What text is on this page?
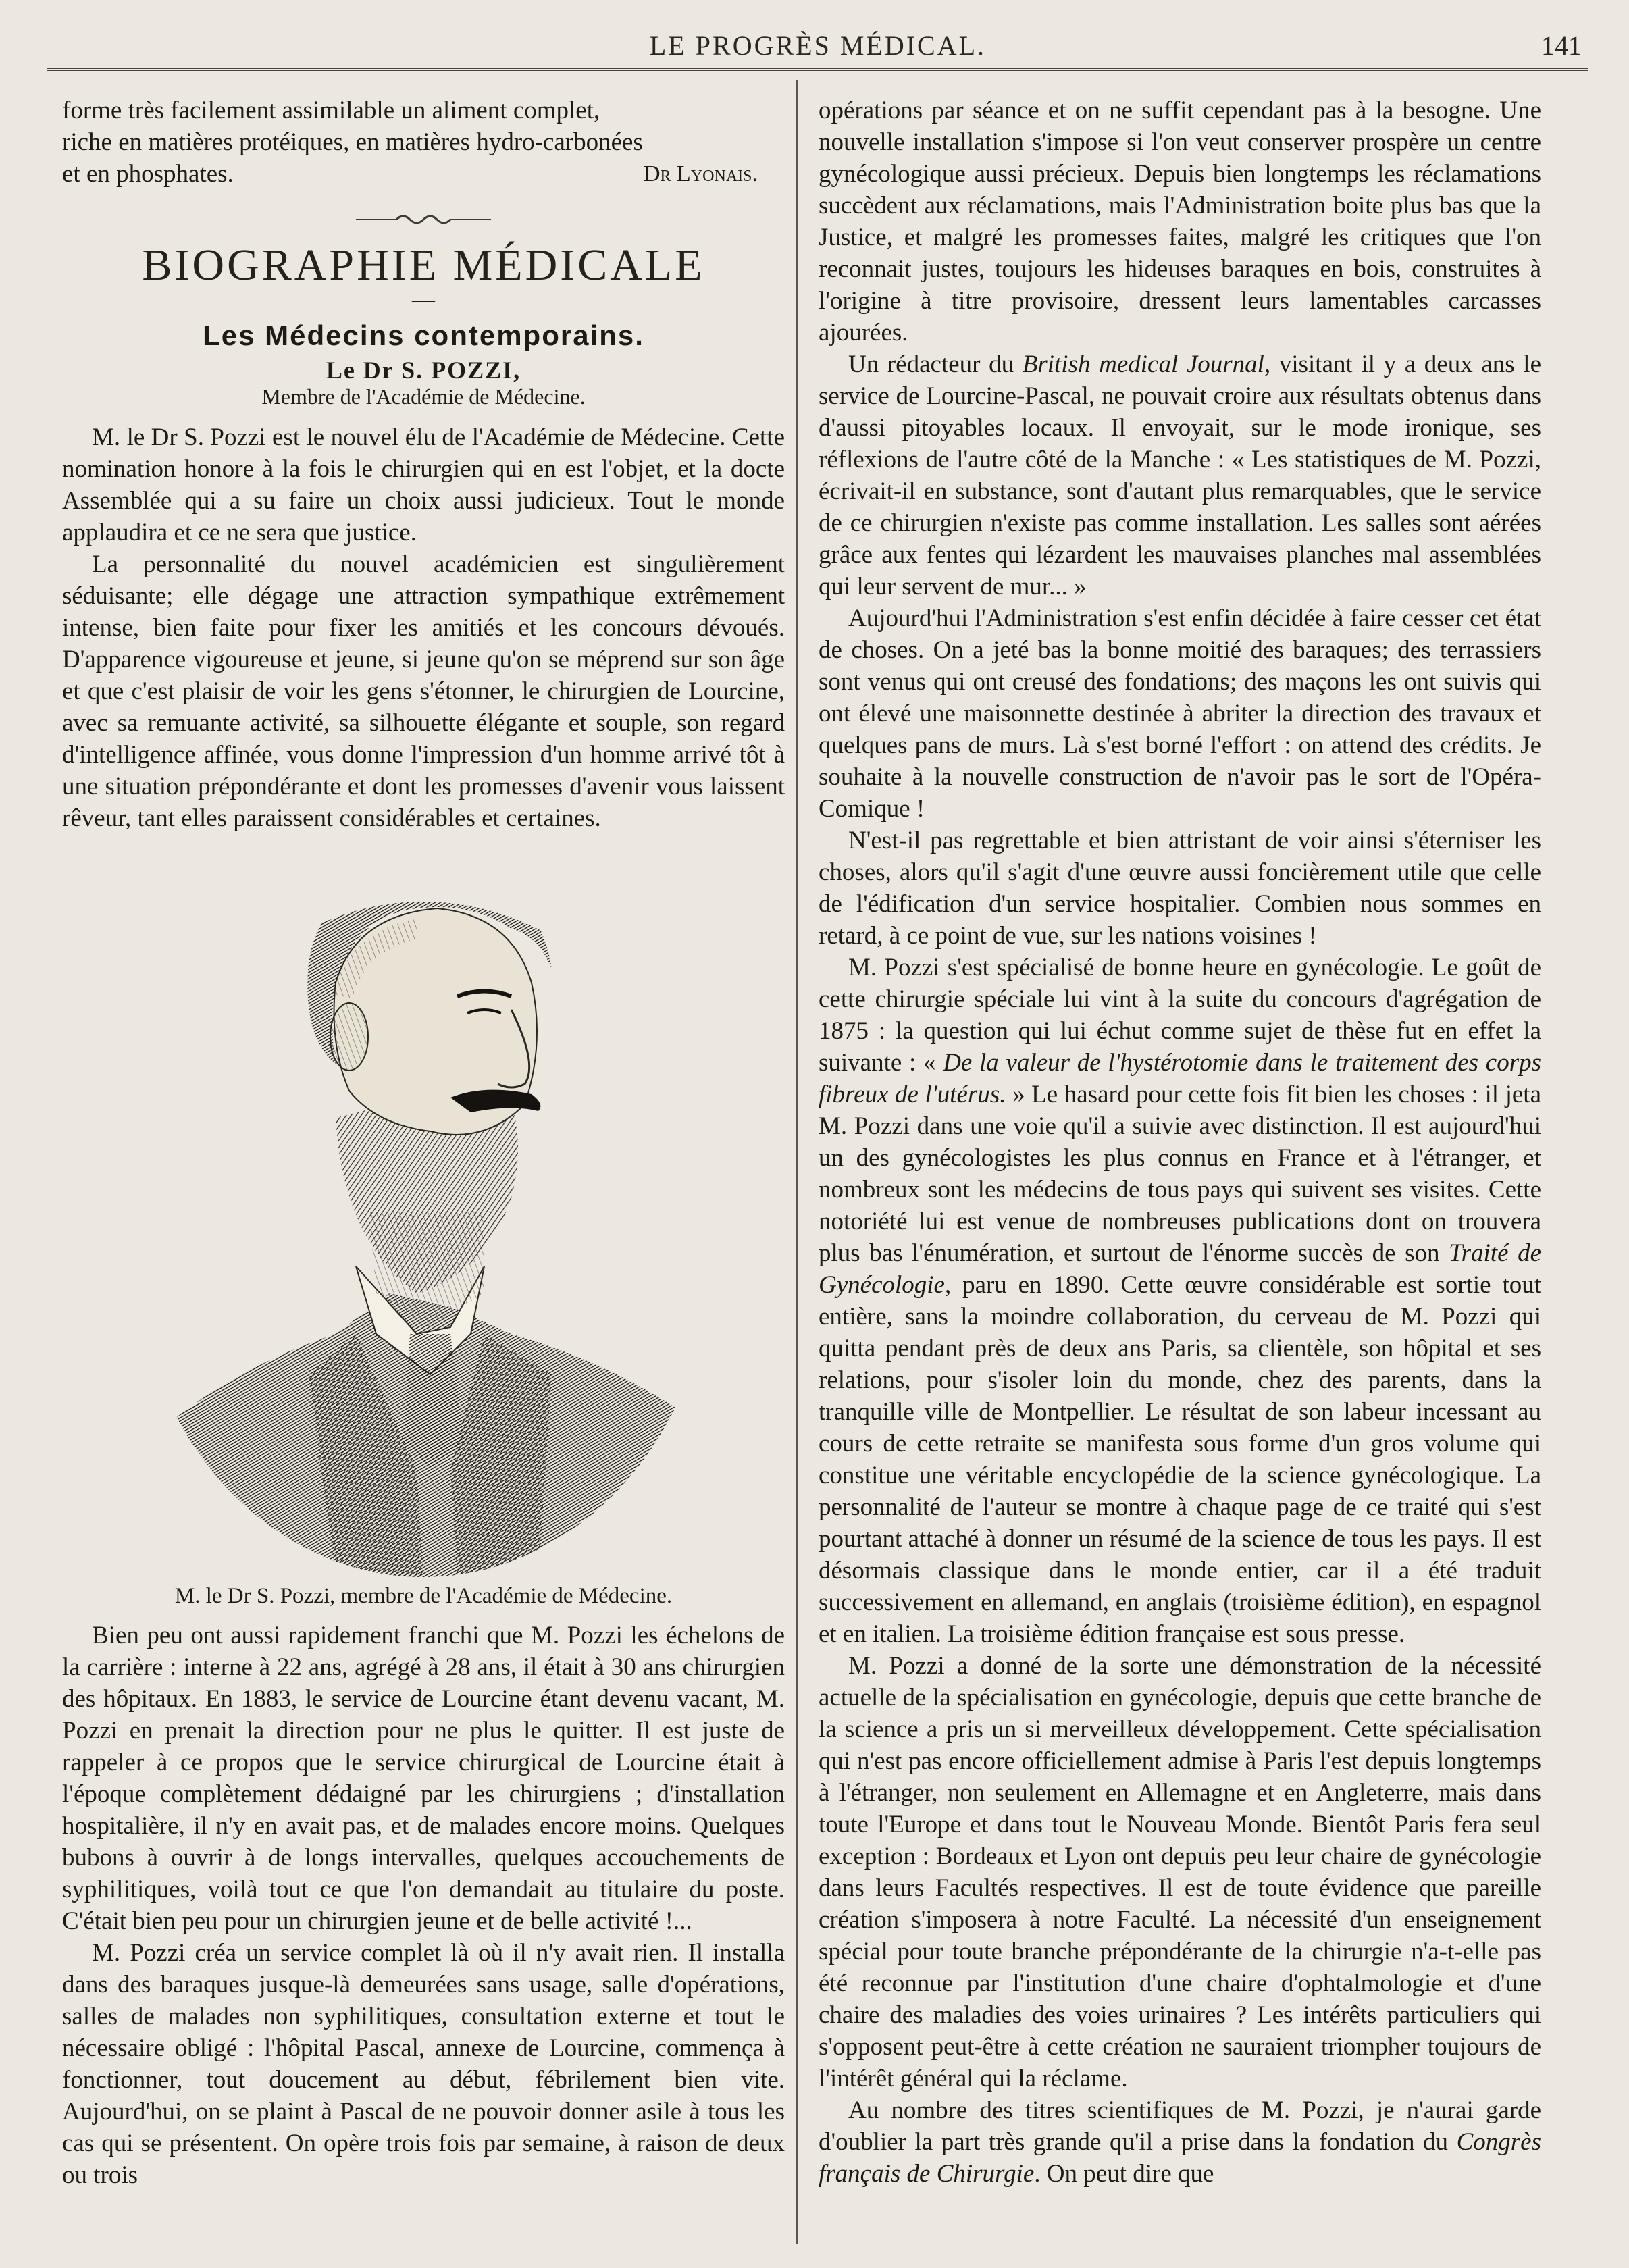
LE PROGRÈS MÉDICAL.	141

forme très facilement assimilable un aliment complet,

riche en matières protéiques, en matières hydro-carbonées

et en phosphates.	Dr Lyonais.
BIOGRAPHIE MÉDICALE
—
Les Médecins contemporains.
Le Dr S. POZZI,
Membre de l'Académie de Médecine.

M. le Dr S. Pozzi est le nouvel élu de l'Académie de Médecine. Cette nomination honore à la fois le chirurgien qui en est l'objet, et la docte Assemblée qui a su faire un choix aussi judicieux. Tout le monde applaudira et ce ne sera que justice.

La personnalité du nouvel académicien est singulièrement séduisante; elle dégage une attraction sympathique extrêmement intense, bien faite pour fixer les amitiés et les concours dévoués. D'apparence vigoureuse et jeune, si jeune qu'on se méprend sur son âge et que c'est plaisir de voir les gens s'étonner, le chirurgien de Lourcine, avec sa remuante activité, sa silhouette élégante et souple, son regard d'intelligence affinée, vous donne l'impression d'un homme arrivé tôt à une situation prépondérante et dont les promesses d'avenir vous laissent rêveur, tant elles paraissent considérables et certaines.

M. le Dr S. Pozzi, membre de l'Académie de Médecine.

Bien peu ont aussi rapidement franchi que M. Pozzi les échelons de la carrière : interne à 22 ans, agrégé à 28 ans, il était à 30 ans chirurgien des hôpitaux. En 1883, le service de Lourcine étant devenu vacant, M. Pozzi en prenait la direction pour ne plus le quitter. Il est juste de rappeler à ce propos que le service chirurgical de Lourcine était à l'époque complètement dédaigné par les chirurgiens ; d'installation hospitalière, il n'y en avait pas, et de malades encore moins. Quelques bubons à ouvrir à de longs intervalles, quelques accouchements de syphilitiques, voilà tout ce que l'on demandait au titulaire du poste. C'était bien peu pour un chirurgien jeune et de belle activité !...

M. Pozzi créa un service complet là où il n'y avait rien. Il installa dans des baraques jusque-là demeurées sans usage, salle d'opérations, salles de malades non syphilitiques, consultation externe et tout le nécessaire obligé : l'hôpital Pascal, annexe de Lourcine, commença à fonctionner, tout doucement au début, fébrilement bien vite. Aujourd'hui, on se plaint à Pascal de ne pouvoir donner asile à tous les cas qui se présentent. On opère trois fois par semaine, à raison de deux ou trois

opérations par séance et on ne suffit cependant pas à la besogne. Une nouvelle installation s'impose si l'on veut conserver prospère un centre gynécologique aussi précieux. Depuis bien longtemps les réclamations succèdent aux réclamations, mais l'Administration boite plus bas que la Justice, et malgré les promesses faites, malgré les critiques que l'on reconnait justes, toujours les hideuses baraques en bois, construites à l'origine à titre provisoire, dressent leurs lamentables carcasses ajourées.

Un rédacteur du British medical Journal, visitant il y a deux ans le service de Lourcine-Pascal, ne pouvait croire aux résultats obtenus dans d'aussi pitoyables locaux. Il envoyait, sur le mode ironique, ses réflexions de l'autre côté de la Manche : « Les statistiques de M. Pozzi, écrivait-il en substance, sont d'autant plus remarquables, que le service de ce chirurgien n'existe pas comme installation. Les salles sont aérées grâce aux fentes qui lézardent les mauvaises planches mal assemblées qui leur servent de mur... »

Aujourd'hui l'Administration s'est enfin décidée à faire cesser cet état de choses. On a jeté bas la bonne moitié des baraques; des terrassiers sont venus qui ont creusé des fondations; des maçons les ont suivis qui ont élevé une maisonnette destinée à abriter la direction des travaux et quelques pans de murs. Là s'est borné l'effort : on attend des crédits. Je souhaite à la nouvelle construction de n'avoir pas le sort de l'Opéra-Comique !

N'est-il pas regrettable et bien attristant de voir ainsi s'éterniser les choses, alors qu'il s'agit d'une œuvre aussi foncièrement utile que celle de l'édification d'un service hospitalier. Combien nous sommes en retard, à ce point de vue, sur les nations voisines !

M. Pozzi s'est spécialisé de bonne heure en gynécologie. Le goût de cette chirurgie spéciale lui vint à la suite du concours d'agrégation de 1875 : la question qui lui échut comme sujet de thèse fut en effet la suivante : « De la valeur de l'hystérotomie dans le traitement des corps fibreux de l'utérus. » Le hasard pour cette fois fit bien les choses : il jeta M. Pozzi dans une voie qu'il a suivie avec distinction. Il est aujourd'hui un des gynécologistes les plus connus en France et à l'étranger, et nombreux sont les médecins de tous pays qui suivent ses visites. Cette notoriété lui est venue de nombreuses publications dont on trouvera plus bas l'énumération, et surtout de l'énorme succès de son Traité de Gynécologie, paru en 1890. Cette œuvre considérable est sortie tout entière, sans la moindre collaboration, du cerveau de M. Pozzi qui quitta pendant près de deux ans Paris, sa clientèle, son hôpital et ses relations, pour s'isoler loin du monde, chez des parents, dans la tranquille ville de Montpellier. Le résultat de son labeur incessant au cours de cette retraite se manifesta sous forme d'un gros volume qui constitue une véritable encyclopédie de la science gynécologique. La personnalité de l'auteur se montre à chaque page de ce traité qui s'est pourtant attaché à donner un résumé de la science de tous les pays. Il est désormais classique dans le monde entier, car il a été traduit successivement en allemand, en anglais (troisième édition), en espagnol et en italien. La troisième édition française est sous presse.

M. Pozzi a donné de la sorte une démonstration de la nécessité actuelle de la spécialisation en gynécologie, depuis que cette branche de la science a pris un si merveilleux développement. Cette spécialisation qui n'est pas encore officiellement admise à Paris l'est depuis longtemps à l'étranger, non seulement en Allemagne et en Angleterre, mais dans toute l'Europe et dans tout le Nouveau Monde. Bientôt Paris fera seul exception : Bordeaux et Lyon ont depuis peu leur chaire de gynécologie dans leurs Facultés respectives. Il est de toute évidence que pareille création s'imposera à notre Faculté. La nécessité d'un enseignement spécial pour toute branche prépondérante de la chirurgie n'a-t-elle pas été reconnue par l'institution d'une chaire d'ophtalmologie et d'une chaire des maladies des voies urinaires ? Les intérêts particuliers qui s'opposent peut-être à cette création ne sauraient triompher toujours de l'intérêt général qui la réclame.

Au nombre des titres scientifiques de M. Pozzi, je n'aurai garde d'oublier la part très grande qu'il a prise dans la fondation du Congrès français de Chirurgie. On peut dire que
